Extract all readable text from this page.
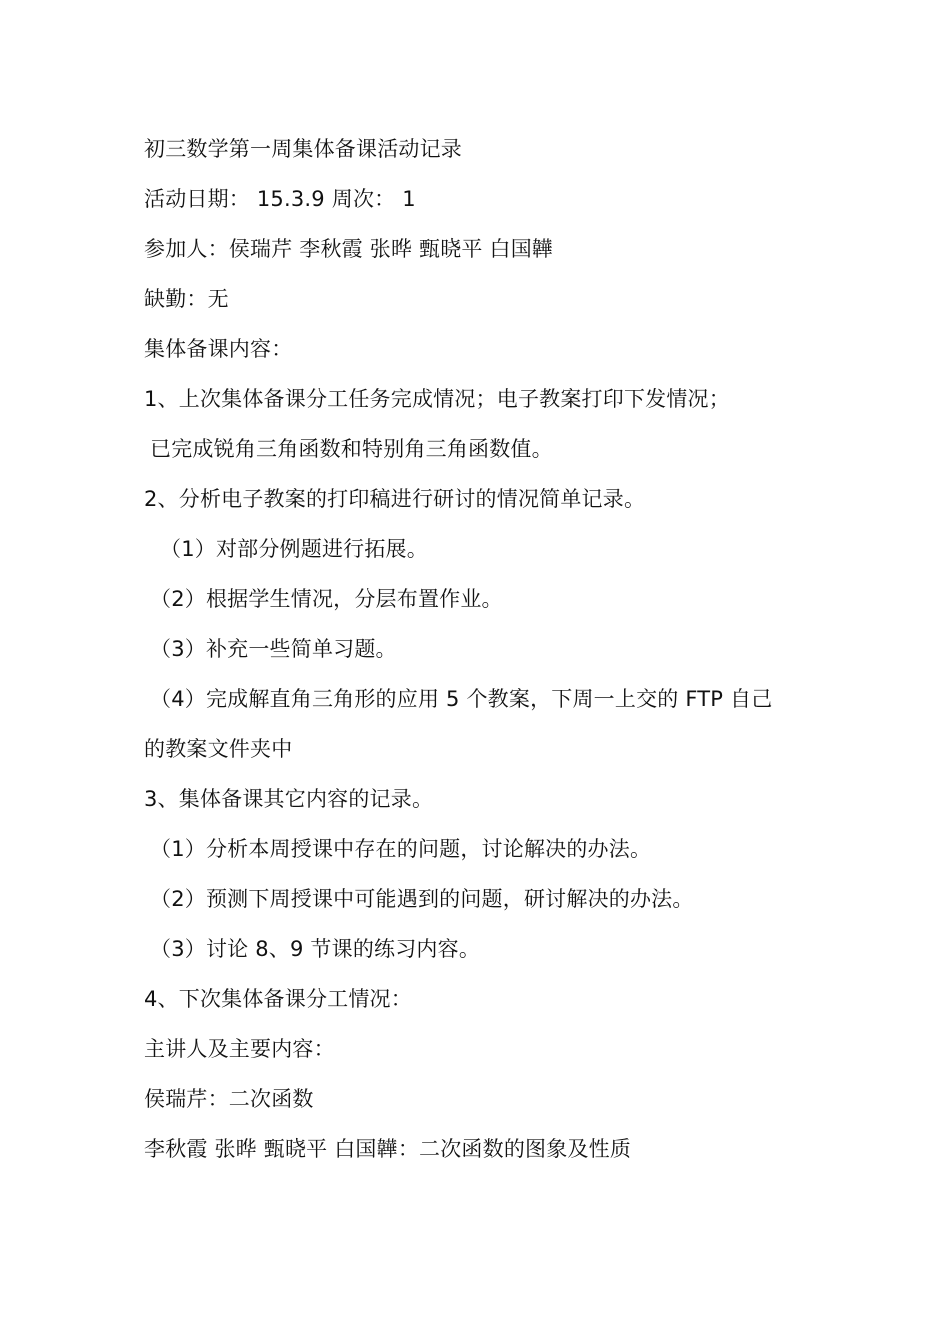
初三数学第一周集体备课活动记录
活动日期： 15.3.9 周次： 1
参加人：侯瑞芹 李秋霞 张晔 甄晓平 白国韡
缺勤：无
集体备课内容：
1、上次集体备课分工任务完成情况；电子教案打印下发情况；
已完成锐角三角函数和特别角三角函数值。
2、分析电子教案的打印稿进行研讨的情况简单记录。
（1）对部分例题进行拓展。
（2）根据学生情况，分层布置作业。
（3）补充一些简单习题。
（4）完成解直角三角形的应用 5 个教案，下周一上交的 FTP 自己
的教案文件夹中
3、集体备课其它内容的记录。
（1）分析本周授课中存在的问题，讨论解决的办法。
（2）预测下周授课中可能遇到的问题，研讨解决的办法。
（3）讨论 8、9 节课的练习内容。
4、下次集体备课分工情况：
主讲人及主要内容：
侯瑞芹：二次函数
李秋霞 张晔 甄晓平 白国韡：二次函数的图象及性质
